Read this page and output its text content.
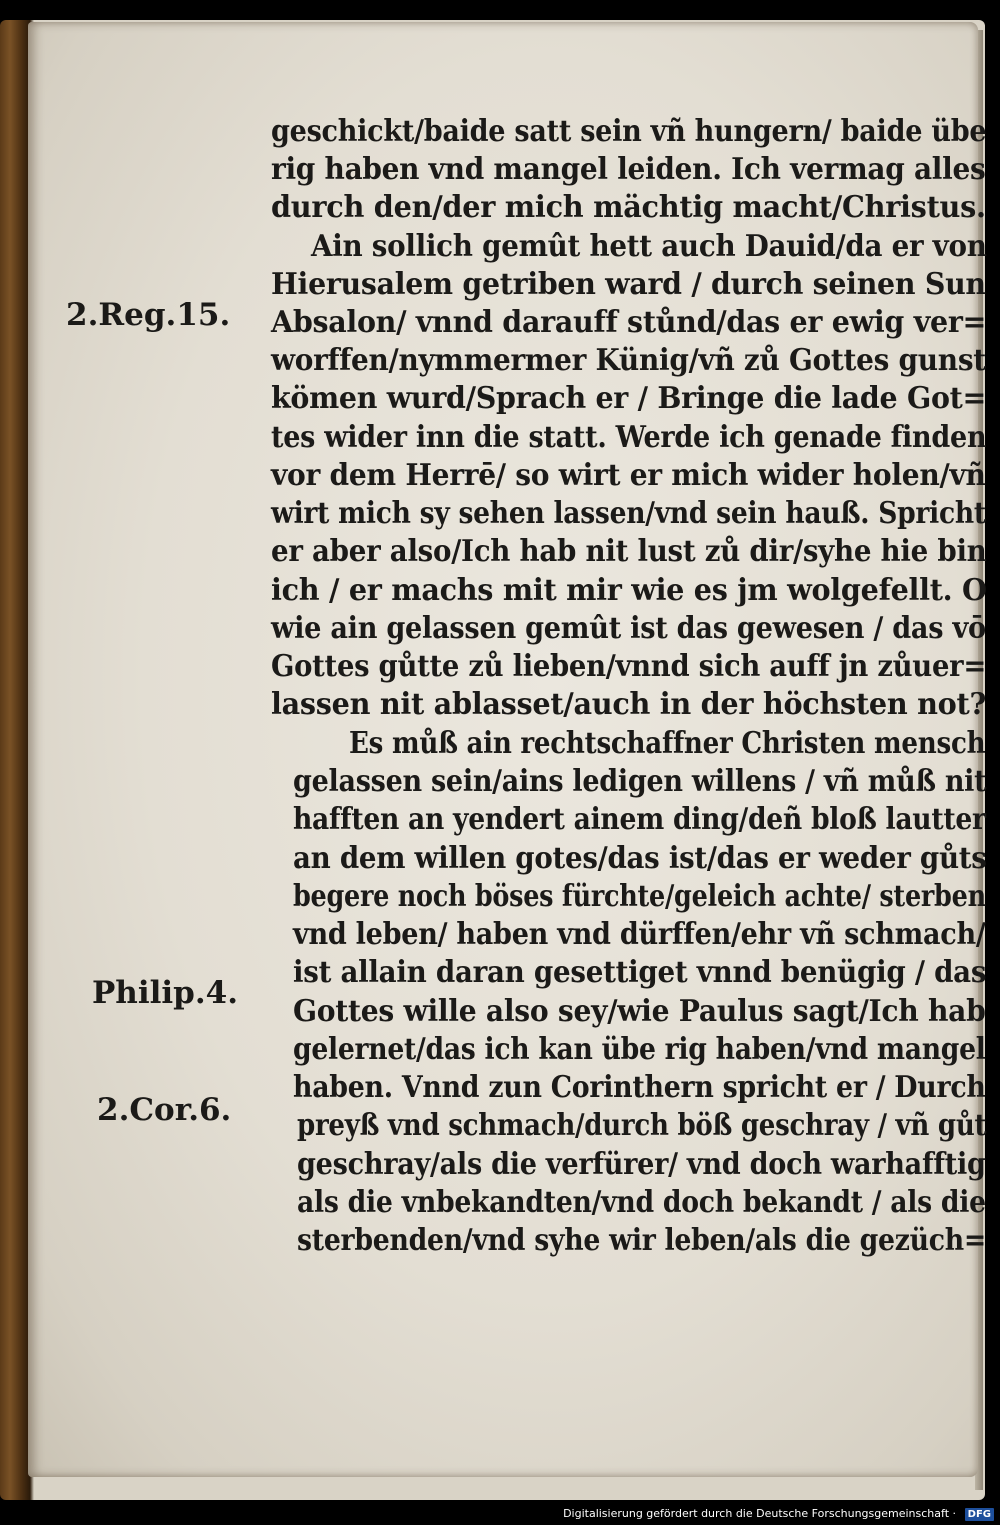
geschickt/baide satt sein vñ hungern/ baide übe
rig haben vnd mangel leiden. Ich vermag alles
durch den/der mich mächtig macht/Christus.
Ain sollich gemût hett auch Dauid/da er von
Hierusalem getriben ward / durch seinen Sun
Absalon/ vnnd darauff stůnd/das er ewig ver=
worffen/nymmermer Künig/vñ zů Gottes gunst
kömen wurd/Sprach er / Bringe die lade Got=
tes wider inn die statt. Werde ich genade finden
vor dem Herrē/ so wirt er mich wider holen/vñ
wirt mich sy sehen lassen/vnd sein hauß. Spricht
er aber also/Ich hab nit lust zů dir/syhe hie bin
ich / er machs mit mir wie es jm wolgefellt. O
wie ain gelassen gemût ist das gewesen / das vō
Gottes gůtte zů lieben/vnnd sich auff jn zůuer=
lassen nit ablasset/auch in der höchsten not?
Es můß ain rechtschaffner Christen mensch
gelassen sein/ains ledigen willens / vñ můß nit
hafften an yendert ainem ding/deñ bloß lautter
an dem willen gotes/das ist/das er weder gůts
begere noch böses fürchte/geleich achte/ sterben
vnd leben/ haben vnd dürffen/ehr vñ schmach/
ist allain daran gesettiget vnnd benügig / das
Gottes wille also sey/wie Paulus sagt/Ich hab
gelernet/das ich kan übe rig haben/vnd mangel
haben. Vnnd zun Corinthern spricht er / Durch
preyß vnd schmach/durch böß geschray / vñ gůt
geschray/als die verfürer/ vnd doch warhafftig
als die vnbekandten/vnd doch bekandt / als die
sterbenden/vnd syhe wir leben/als die gezüch=
2.Reg.15.
Philip.4.
2.Cor.6.
Digitalisierung gefördert durch die Deutsche Forschungsgemeinschaft ·	DFG
